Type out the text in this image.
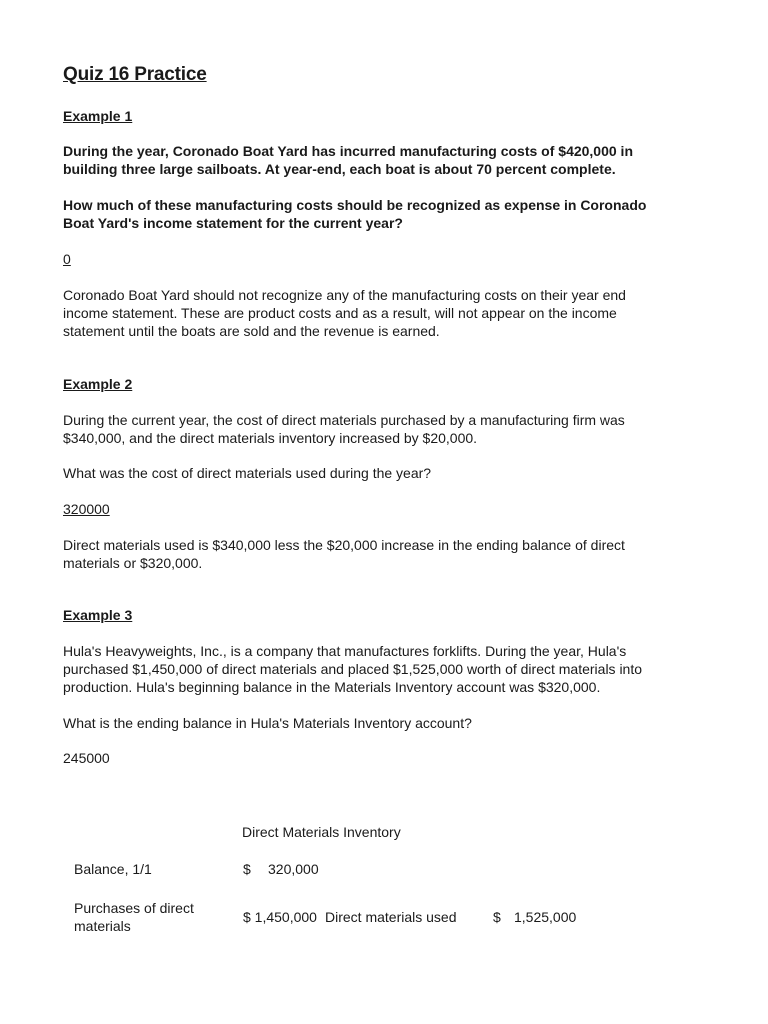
Quiz 16 Practice

Example 1

During the year, Coronado Boat Yard has incurred manufacturing costs of $420,000 in
building three large sailboats. At year-end, each boat is about 70 percent complete.
How much of these manufacturing costs should be recognized as expense in Coronado
Boat Yard's income statement for the current year?

0

Coronado Boat Yard should not recognize any of the manufacturing costs on their year end
income statement. These are product costs and as a result, will not appear on the income
statement until the boats are sold and the revenue is earned.

Example 2

During the current year, the cost of direct materials purchased by a manufacturing firm was
$340,000, and the direct materials inventory increased by $20,000.

What was the cost of direct materials used during the year?

320000

Direct materials used is $340,000 less the $20,000 increase in the ending balance of direct
materials or $320,000.

Example 3

Hula's Heavyweights, Inc., is a company that manufactures forklifts. During the year, Hula's
purchased $1,450,000 of direct materials and placed $1,525,000 worth of direct materials into
production. Hula's beginning balance in the Materials Inventory account was $320,000.

What is the ending balance in Hula's Materials Inventory account?

245000

Direct Materials Inventory

Balance, 1/1	$ 320,000

Purchases of direct
materials

$ 1,450,000 Direct materials used	$ 1,525,000
